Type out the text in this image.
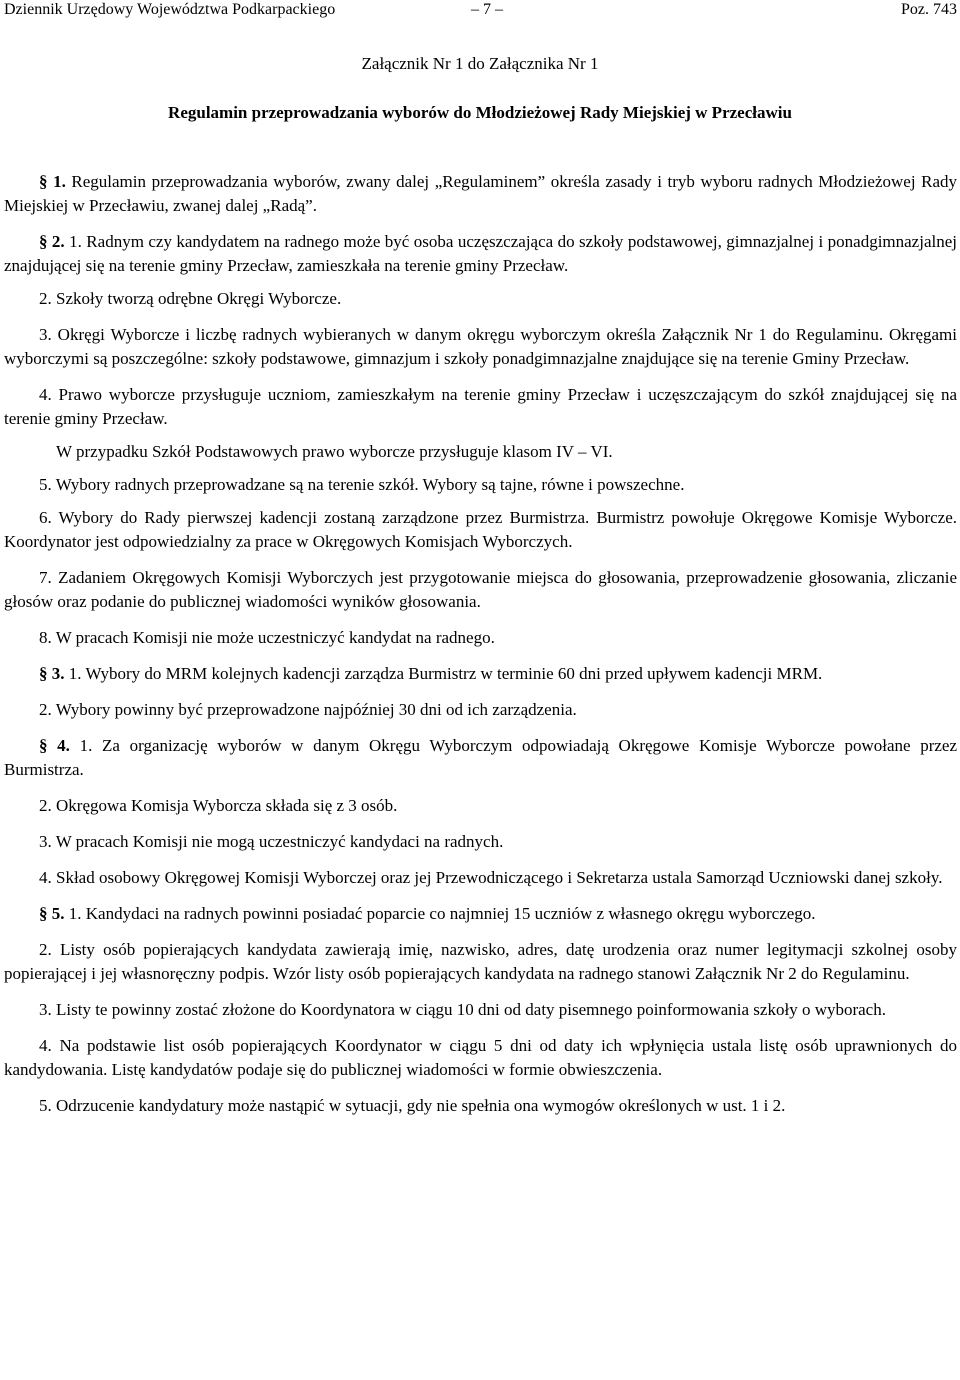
Dziennik Urzędowy Województwa Podkarpackiego	– 7 –	Poz. 743
Załącznik Nr 1 do Załącznika Nr 1
Regulamin przeprowadzania wyborów do Młodzieżowej Rady Miejskiej w Przecławiu

§ 1. Regulamin przeprowadzania wyborów, zwany dalej „Regulaminem” określa zasady i tryb wyboru radnych Młodzieżowej Rady Miejskiej w Przecławiu, zwanej dalej „Radą”.

§ 2. 1. Radnym czy kandydatem na radnego może być osoba uczęszczająca do szkoły podstawowej, gimnazjalnej i ponadgimnazjalnej znajdującej się na terenie gminy Przecław, zamieszkała na terenie gminy Przecław.

2. Szkoły tworzą odrębne Okręgi Wyborcze.

3. Okręgi Wyborcze i liczbę radnych wybieranych w danym okręgu wyborczym określa Załącznik Nr 1 do Regulaminu. Okręgami wyborczymi są poszczególne: szkoły podstawowe, gimnazjum i szkoły ponadgimnazjalne znajdujące się na terenie Gminy Przecław.

4. Prawo wyborcze przysługuje uczniom, zamieszkałym na terenie gminy Przecław i uczęszczającym do szkół znajdującej się na terenie gminy Przecław.

W przypadku Szkół Podstawowych prawo wyborcze przysługuje klasom IV – VI.

5. Wybory radnych przeprowadzane są na terenie szkół. Wybory są tajne, równe i powszechne.

6. Wybory do Rady pierwszej kadencji zostaną zarządzone przez Burmistrza. Burmistrz powołuje Okręgowe Komisje Wyborcze. Koordynator jest odpowiedzialny za prace w Okręgowych Komisjach Wyborczych.

7. Zadaniem Okręgowych Komisji Wyborczych jest przygotowanie miejsca do głosowania, przeprowadzenie głosowania, zliczanie głosów oraz podanie do publicznej wiadomości wyników głosowania.

8. W pracach Komisji nie może uczestniczyć kandydat na radnego.

§ 3. 1. Wybory do MRM kolejnych kadencji zarządza Burmistrz w terminie 60 dni przed upływem kadencji MRM.

2. Wybory powinny być przeprowadzone najpóźniej 30 dni od ich zarządzenia.

§ 4. 1. Za organizację wyborów w danym Okręgu Wyborczym odpowiadają Okręgowe Komisje Wyborcze powołane przez Burmistrza.

2. Okręgowa Komisja Wyborcza składa się z 3 osób.

3. W pracach Komisji nie mogą uczestniczyć kandydaci na radnych.

4. Skład osobowy Okręgowej Komisji Wyborczej oraz jej Przewodniczącego i Sekretarza ustala Samorząd Uczniowski danej szkoły.

§ 5. 1. Kandydaci na radnych powinni posiadać poparcie co najmniej 15 uczniów z własnego okręgu wyborczego.

2. Listy osób popierających kandydata zawierają imię, nazwisko, adres, datę urodzenia oraz numer legitymacji szkolnej osoby popierającej i jej własnoręczny podpis. Wzór listy osób popierających kandydata na radnego stanowi Załącznik Nr 2 do Regulaminu.

3. Listy te powinny zostać złożone do Koordynatora w ciągu 10 dni od daty pisemnego poinformowania szkoły o wyborach.

4. Na podstawie list osób popierających Koordynator w ciągu 5 dni od daty ich wpłynięcia ustala listę osób uprawnionych do kandydowania. Listę kandydatów podaje się do publicznej wiadomości w formie obwieszczenia.

5. Odrzucenie kandydatury może nastąpić w sytuacji, gdy nie spełnia ona wymogów określonych w ust. 1 i 2.
